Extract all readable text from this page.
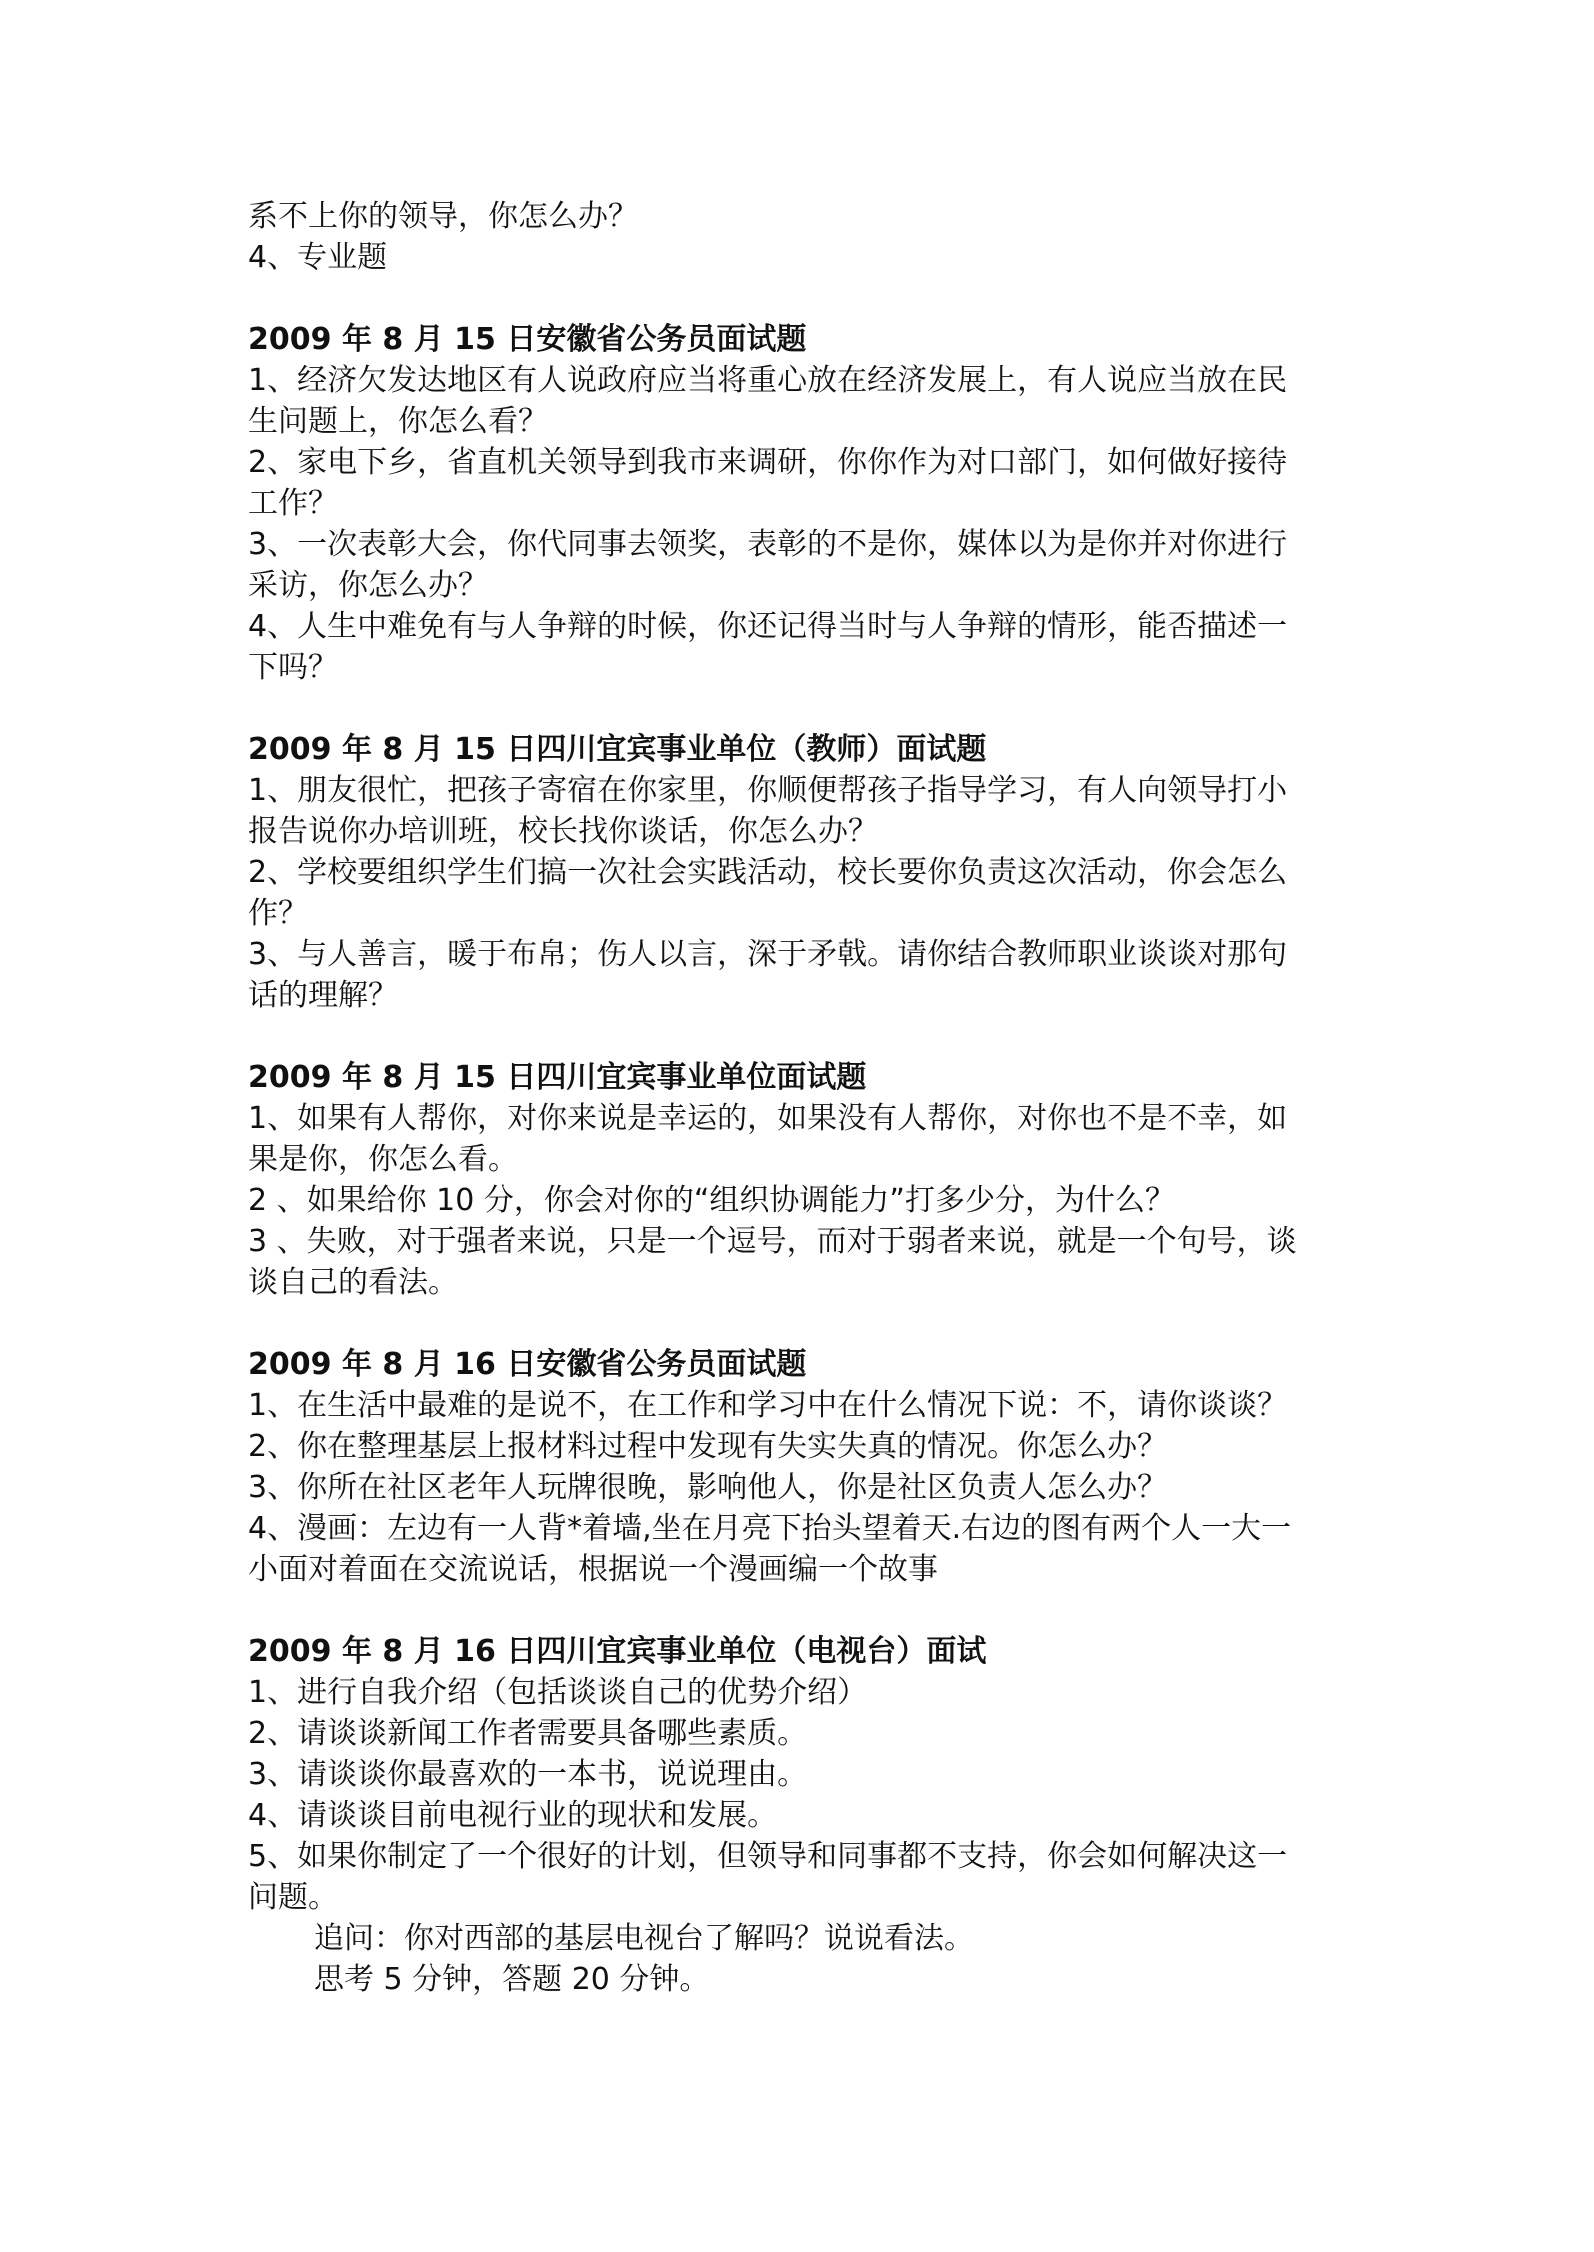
系不上你的领导，你怎么办？
4、专业题
2009 年 8 月 15 日安徽省公务员面试题
1、经济欠发达地区有人说政府应当将重心放在经济发展上，有人说应当放在民
生问题上，你怎么看？
2、家电下乡，省直机关领导到我市来调研，你你作为对口部门，如何做好接待
工作？
3、一次表彰大会，你代同事去领奖，表彰的不是你，媒体以为是你并对你进行
采访，你怎么办？
4、人生中难免有与人争辩的时候，你还记得当时与人争辩的情形，能否描述一
下吗？
2009 年 8 月 15 日四川宜宾事业单位（教师）面试题
1、朋友很忙，把孩子寄宿在你家里，你顺便帮孩子指导学习，有人向领导打小
报告说你办培训班，校长找你谈话，你怎么办？
2、学校要组织学生们搞一次社会实践活动，校长要你负责这次活动，你会怎么
作？
3、与人善言，暖于布帛；伤人以言，深于矛戟。请你结合教师职业谈谈对那句
话的理解？
2009 年 8 月 15 日四川宜宾事业单位面试题
1、如果有人帮你，对你来说是幸运的，如果没有人帮你，对你也不是不幸，如
果是你，你怎么看。
2 、如果给你 10 分，你会对你的“组织协调能力”打多少分，为什么？
3 、失败，对于强者来说，只是一个逗号，而对于弱者来说，就是一个句号，谈
谈自己的看法。
2009 年 8 月 16 日安徽省公务员面试题
1、在生活中最难的是说不，在工作和学习中在什么情况下说：不，请你谈谈？
2、你在整理基层上报材料过程中发现有失实失真的情况。你怎么办？
3、你所在社区老年人玩牌很晚，影响他人，你是社区负责人怎么办？
4、漫画：左边有一人背*着墙,坐在月亮下抬头望着天.右边的图有两个人一大一
小面对着面在交流说话，根据说一个漫画编一个故事
2009 年 8 月 16 日四川宜宾事业单位（电视台）面试
1、进行自我介绍（包括谈谈自己的优势介绍）
2、请谈谈新闻工作者需要具备哪些素质。
3、请谈谈你最喜欢的一本书，说说理由。
4、请谈谈目前电视行业的现状和发展。
5、如果你制定了一个很好的计划，但领导和同事都不支持，你会如何解决这一
问题。
追问：你对西部的基层电视台了解吗？说说看法。
思考 5 分钟，答题 20 分钟。
